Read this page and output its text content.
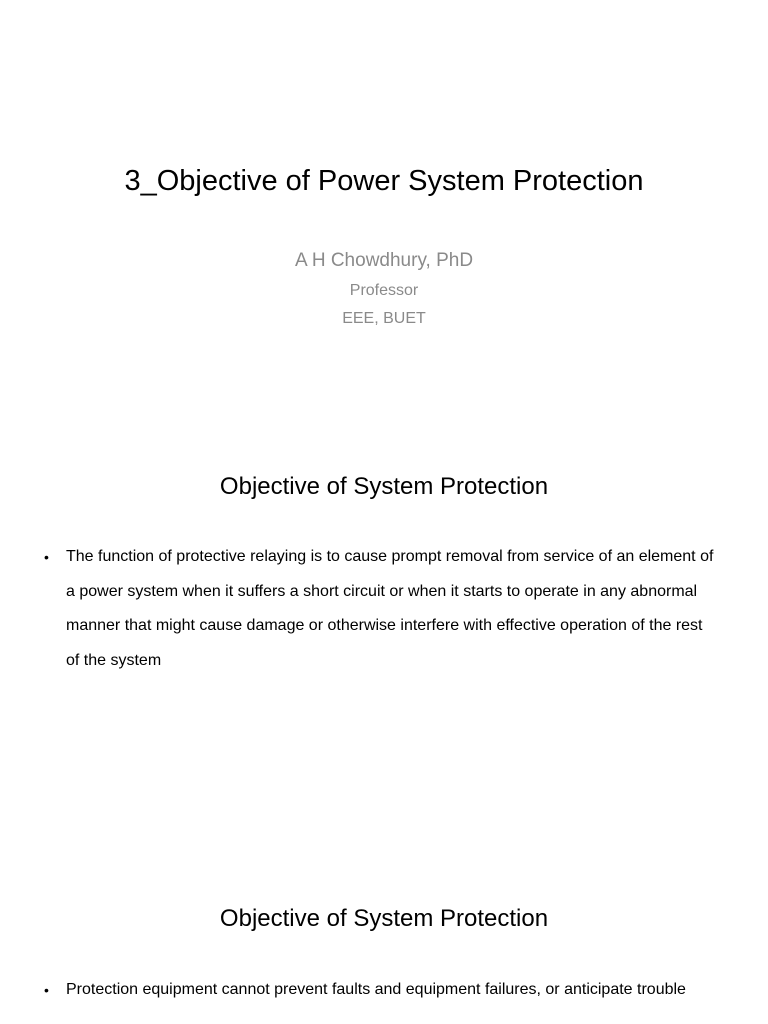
3_Objective of Power System Protection
A H Chowdhury, PhD
Professor
EEE, BUET
Objective of System Protection
•	The function of protective relaying is to cause prompt removal from service of an element of a power system when it suffers a short circuit or when it starts to operate in any abnormal manner that might cause damage or otherwise interfere with effective operation of the rest of the system
Objective of System Protection
•	Protection equipment cannot prevent faults and equipment failures, or anticipate trouble
